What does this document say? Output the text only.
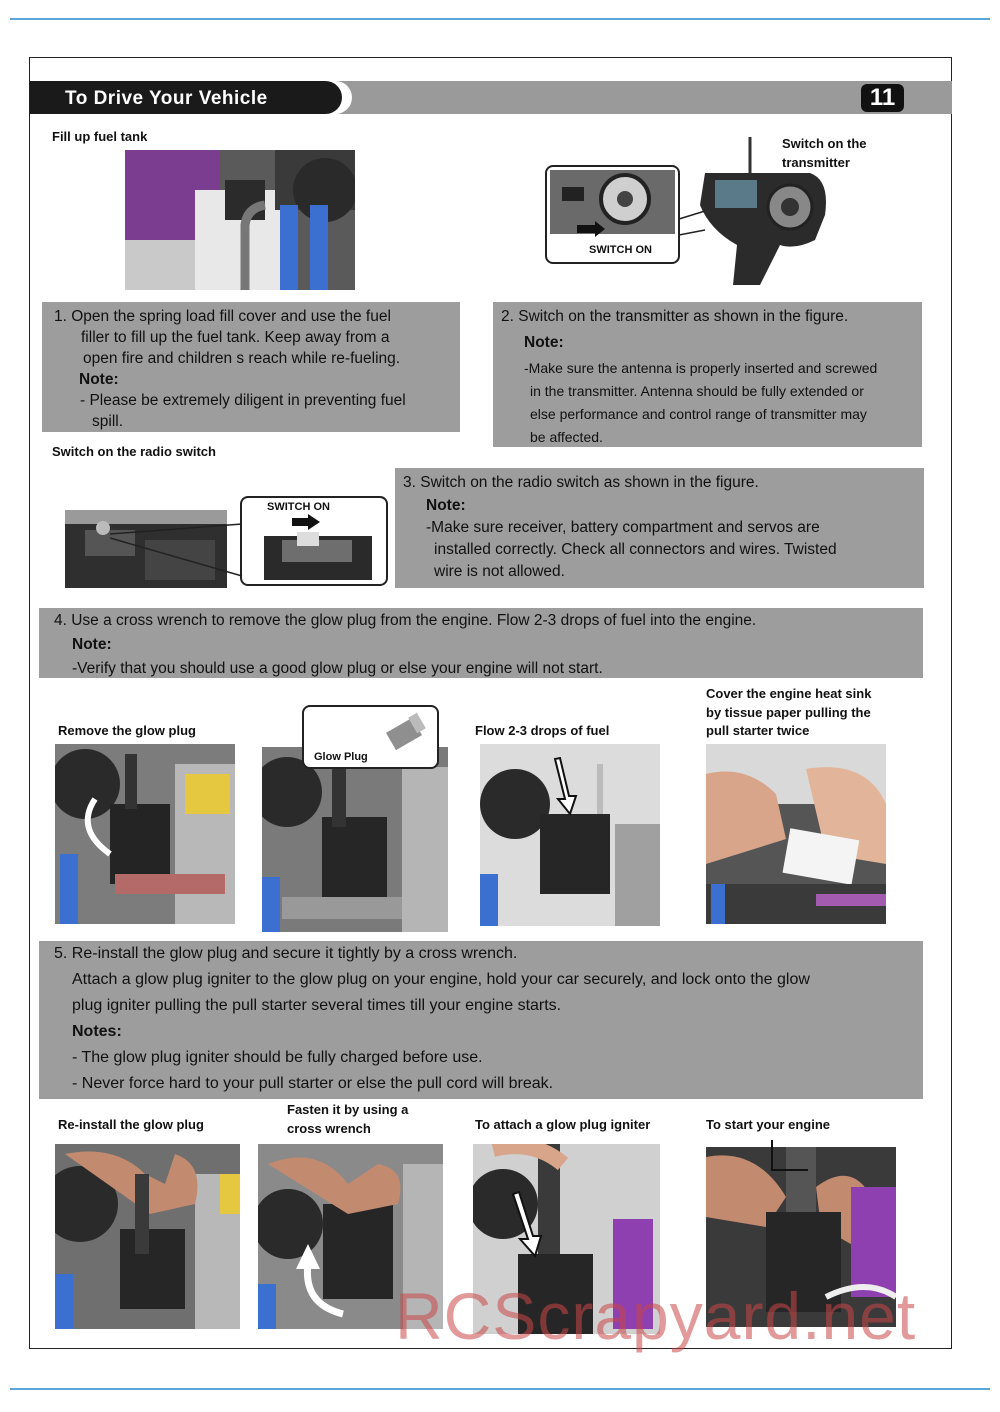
To Drive Your Vehicle	11
Fill up fuel tank

1. Open the spring load fill cover and use the fuel

filler to fill up the fuel tank. Keep away from a

open fire and children s reach while re-fueling.

Note:

- Please be extremely diligent in preventing fuel

spill.

Switch on the
transmitter
SWITCH ON

2. Switch on the transmitter as shown in the figure.

Note:

-Make sure the antenna is properly inserted and screwed

in the transmitter. Antenna should be fully extended or

else performance and control range of transmitter may

be affected.

Switch on the radio switch
SWITCH ON

3. Switch on the radio switch as shown in the figure.

Note:

-Make sure receiver, battery compartment and servos are

installed correctly. Check all connectors and wires. Twisted

wire is not allowed.

4. Use a cross wrench to remove the glow plug from the engine. Flow 2-3 drops of fuel into the engine.

Note:

-Verify that you should use a good glow plug or else your engine will not start.

Remove the glow plug
Glow Plug
Flow 2-3 drops of fuel
Cover the engine heat sink
by tissue paper pulling the
pull starter twice

5. Re-install the glow plug and secure it tightly by a cross wrench.

Attach a glow plug igniter to the glow plug on your engine, hold your car securely, and lock onto the glow

plug igniter pulling the pull starter several times till your engine starts.

Notes:

- The glow plug igniter should be fully charged before use.

- Never force hard to your pull starter or else the pull cord will break.

Re-install the glow plug
Fasten it by using a
cross wrench	To attach a glow plug igniter	To start your engine
RCScrapyard.net
